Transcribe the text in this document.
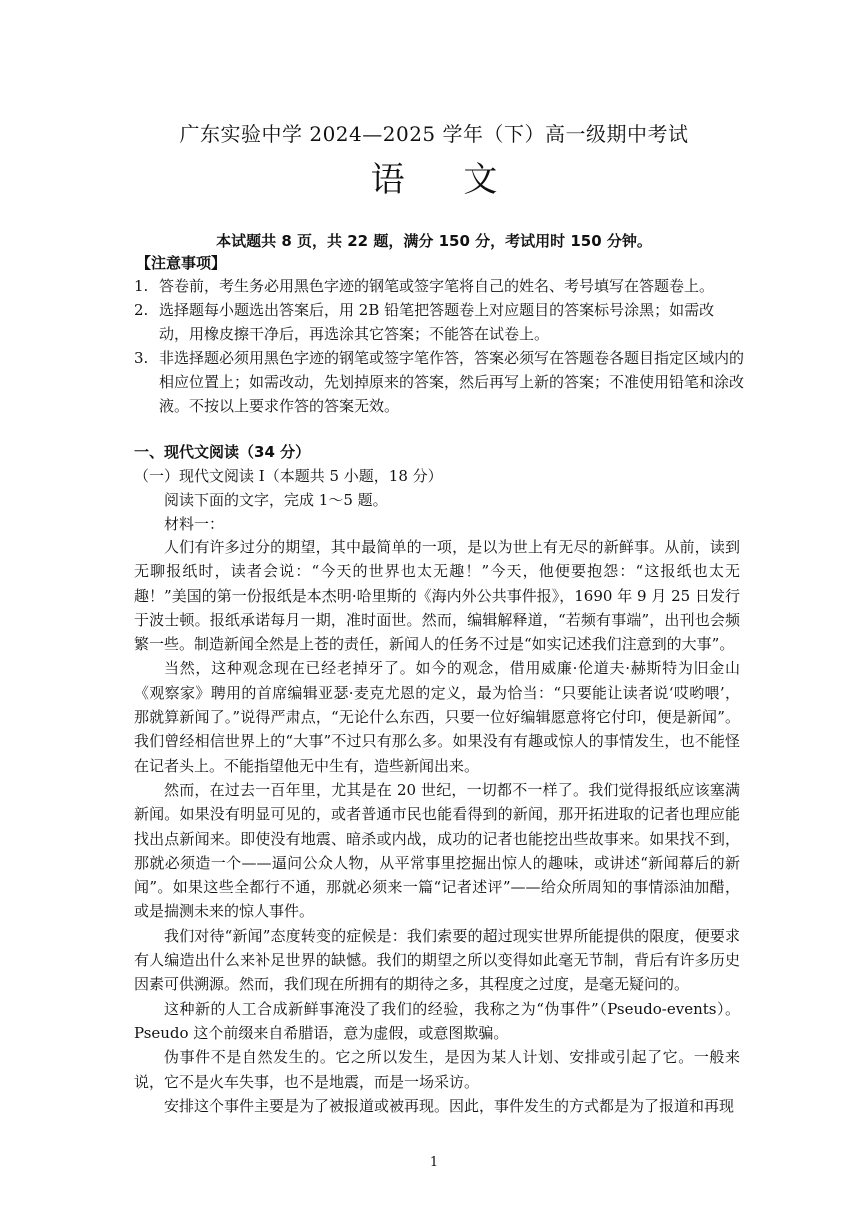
广东实验中学 2024—2025 学年（下）高一级期中考试
语 文
本试题共 8 页，共 22 题，满分 150 分，考试用时 150 分钟。
【注意事项】
1. 答卷前，考生务必用黑色字迹的钢笔或签字笔将自己的姓名、考号填写在答题卷上。
2. 选择题每小题选出答案后，用 2B 铅笔把答题卷上对应题目的答案标号涂黑；如需改动，用橡皮擦干净后，再选涂其它答案；不能答在试卷上。
3. 非选择题必须用黑色字迹的钢笔或签字笔作答，答案必须写在答题卷各题目指定区域内的相应位置上；如需改动，先划掉原来的答案，然后再写上新的答案；不准使用铅笔和涂改液。不按以上要求作答的答案无效。
一、现代文阅读（34 分）
（一）现代文阅读 I（本题共 5 小题，18 分）
阅读下面的文字，完成 1～5 题。
材料一：

人们有许多过分的期望，其中最简单的一项，是以为世上有无尽的新鲜事。从前，读到无聊报纸时，读者会说：“今天的世界也太无趣！”今天，他便要抱怨：“这报纸也太无趣！”美国的第一份报纸是本杰明·哈里斯的《海内外公共事件报》，1690 年 9 月 25 日发行于波士顿。报纸承诺每月一期，准时面世。然而，编辑解释道，“若频有事端”，出刊也会频繁一些。制造新闻全然是上苍的责任，新闻人的任务不过是“如实记述我们注意到的大事”。

当然，这种观念现在已经老掉牙了。如今的观念，借用威廉·伦道夫·赫斯特为旧金山《观察家》聘用的首席编辑亚瑟·麦克尤恩的定义，最为恰当：“只要能让读者说‘哎哟喂’，那就算新闻了。”说得严肃点，“无论什么东西，只要一位好编辑愿意将它付印，便是新闻”。我们曾经相信世界上的“大事”不过只有那么多。如果没有有趣或惊人的事情发生，也不能怪在记者头上。不能指望他无中生有，造些新闻出来。

然而，在过去一百年里，尤其是在 20 世纪，一切都不一样了。我们觉得报纸应该塞满新闻。如果没有明显可见的，或者普通市民也能看得到的新闻，那开拓进取的记者也理应能找出点新闻来。即使没有地震、暗杀或内战，成功的记者也能挖出些故事来。如果找不到，那就必须造一个——逼问公众人物，从平常事里挖掘出惊人的趣味，或讲述“新闻幕后的新闻”。如果这些全都行不通，那就必须来一篇“记者述评”——给众所周知的事情添油加醋，或是揣测未来的惊人事件。

我们对待“新闻”态度转变的症候是：我们索要的超过现实世界所能提供的限度，便要求有人编造出什么来补足世界的缺憾。我们的期望之所以变得如此毫无节制，背后有许多历史因素可供溯源。然而，我们现在所拥有的期待之多，其程度之过度，是毫无疑问的。

这种新的人工合成新鲜事淹没了我们的经验，我称之为“伪事件”（Pseudo-events）。Pseudo 这个前缀来自希腊语，意为虚假，或意图欺骗。

伪事件不是自然发生的。它之所以发生，是因为某人计划、安排或引起了它。一般来说，它不是火车失事，也不是地震，而是一场采访。

安排这个事件主要是为了被报道或被再现。因此，事件发生的方式都是为了报道和再现

1
